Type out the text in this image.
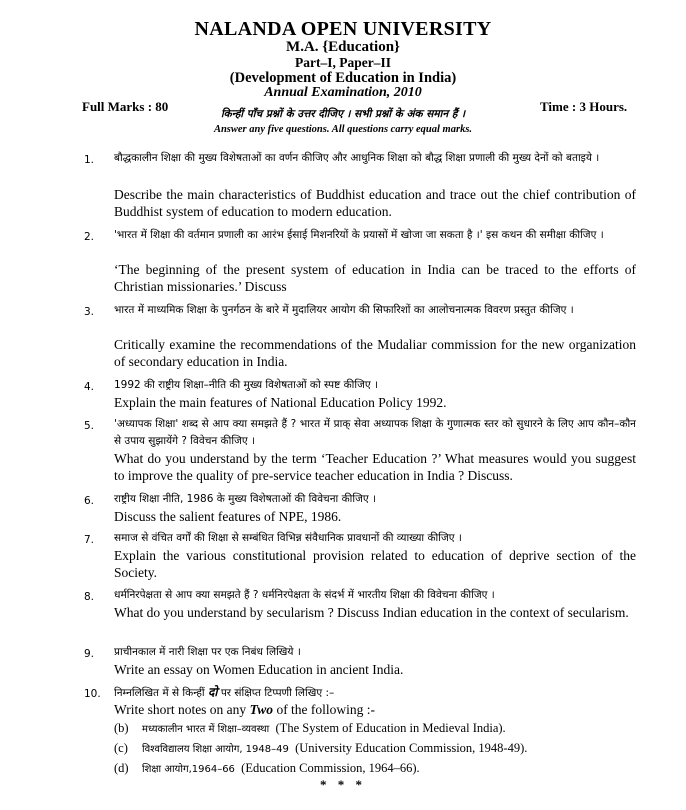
NALANDA OPEN UNIVERSITY
M.A. {Education}
Part–I, Paper–II
(Development of Education in India)
Annual Examination, 2010
Full Marks : 80	Time : 3 Hours.
किन्हीं पाँच प्रश्नों के उत्तर दीजिए । सभी प्रश्नों के अंक समान हैं ।
Answer any five questions. All questions carry equal marks.
1. बौद्धकालीन शिक्षा की मुख्य विशेषताओं का वर्णन कीजिए और आधुनिक शिक्षा को बौद्ध शिक्षा प्रणाली की मुख्य देनों को बताइये ।
Describe the main characteristics of Buddhist education and trace out the chief contribution of Buddhist system of education to modern education.
2. 'भारत में शिक्षा की वर्तमान प्रणाली का आरंभ ईसाई मिशनरियों के प्रयासों में खोजा जा सकता है ।' इस कथन की समीक्षा कीजिए ।
‘The beginning of the present system of education in India can be traced to the efforts of Christian missionaries.’ Discuss
3. भारत में माध्यमिक शिक्षा के पुनर्गठन के बारे में मुदालियर आयोग की सिफारिशों का आलोचनात्मक विवरण प्रस्तुत कीजिए ।
Critically examine the recommendations of the Mudaliar commission for the new organization of secondary education in India.
4. 1992 की राष्ट्रीय शिक्षा–नीति की मुख्य विशेषताओं को स्पष्ट कीजिए ।
Explain the main features of National Education Policy 1992.
5. 'अध्यापक शिक्षा' शब्द से आप क्या समझते हैं ? भारत में प्राक् सेवा अध्यापक शिक्षा के गुणात्मक स्तर को सुधारने के लिए आप कौन–कौन से उपाय सुझायेंगे ? विवेचन कीजिए ।
What do you understand by the term ‘Teacher Education ?’ What measures would you suggest to improve the quality of pre-service teacher education in India ? Discuss.
6. राष्ट्रीय शिक्षा नीति, 1986 के मुख्य विशेषताओं की विवेचना कीजिए ।
Discuss the salient features of NPE, 1986.
7. समाज से वंचित वर्गों की शिक्षा से सम्बंधित विभिन्न संवैधानिक प्रावधानों की व्याख्या कीजिए ।
Explain the various constitutional provision related to education of deprive section of the Society.
8. धर्मनिरपेक्षता से आप क्या समझते हैं ? धर्मनिरपेक्षता के संदर्भ में भारतीय शिक्षा की विवेचना कीजिए ।
What do you understand by secularism ? Discuss Indian education in the context of secularism.
9. प्राचीनकाल में नारी शिक्षा पर एक निबंध लिखिये ।
Write an essay on Women Education in ancient India.
10. निम्नलिखित में से किन्हीं दो पर संक्षिप्त टिप्पणी लिखिए :–
Write short notes on any Two of the following :-
(b) मध्यकालीन भारत में शिक्षा–व्यवस्था (The System of Education in Medieval India).
(c) विश्वविद्यालय शिक्षा आयोग, 1948–49 (University Education Commission, 1948-49).
(d) शिक्षा आयोग,1964–66 (Education Commission, 1964–66).
* * *
